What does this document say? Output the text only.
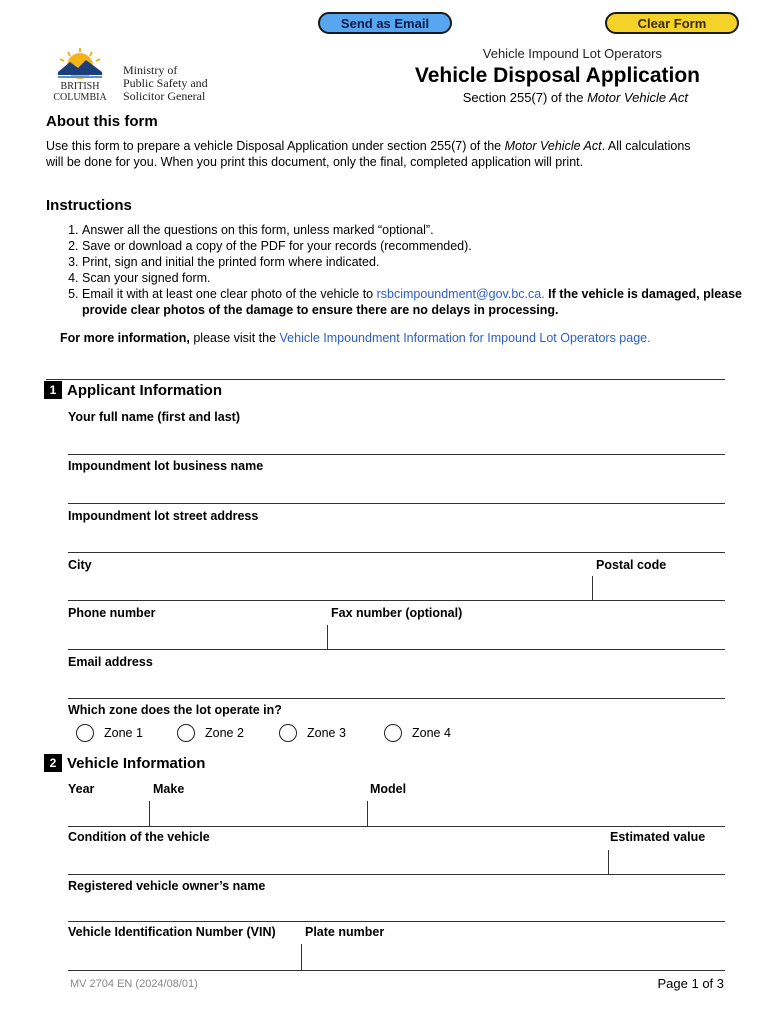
Send as Email	Clear Form
BRITISH
COLUMBIA
Ministry of
Public Safety and
Solicitor General
Vehicle Impound Lot Operators
Vehicle Disposal Application
Section 255(7) of the Motor Vehicle Act
About this form
Use this form to prepare a vehicle Disposal Application under section 255(7) of the Motor Vehicle Act. All calculations will be done for you. When you print this document, only the final, completed application will print.
Instructions
1. Answer all the questions on this form, unless marked “optional”.
2. Save or download a copy of the PDF for your records (recommended).
3. Print, sign and initial the printed form where indicated.
4. Scan your signed form.
5. Email it with at least one clear photo of the vehicle to rsbcimpoundment@gov.bc.ca. If the vehicle is damaged, please provide clear photos of the damage to ensure there are no delays in processing.
For more information, please visit the Vehicle Impoundment Information for Impound Lot Operators page.
1 Applicant Information
Your full name (first and last)
Impoundment lot business name
Impoundment lot street address
City	Postal code
Phone number	Fax number (optional)
Email address
Which zone does the lot operate in?
Zone 1	Zone 2	Zone 3	Zone 4
2 Vehicle Information
Year	Make	Model
Condition of the vehicle	Estimated value
Registered vehicle owner’s name
Vehicle Identification Number (VIN) Plate number
MV 2704 EN (2024/08/01)	Page 1 of 3
